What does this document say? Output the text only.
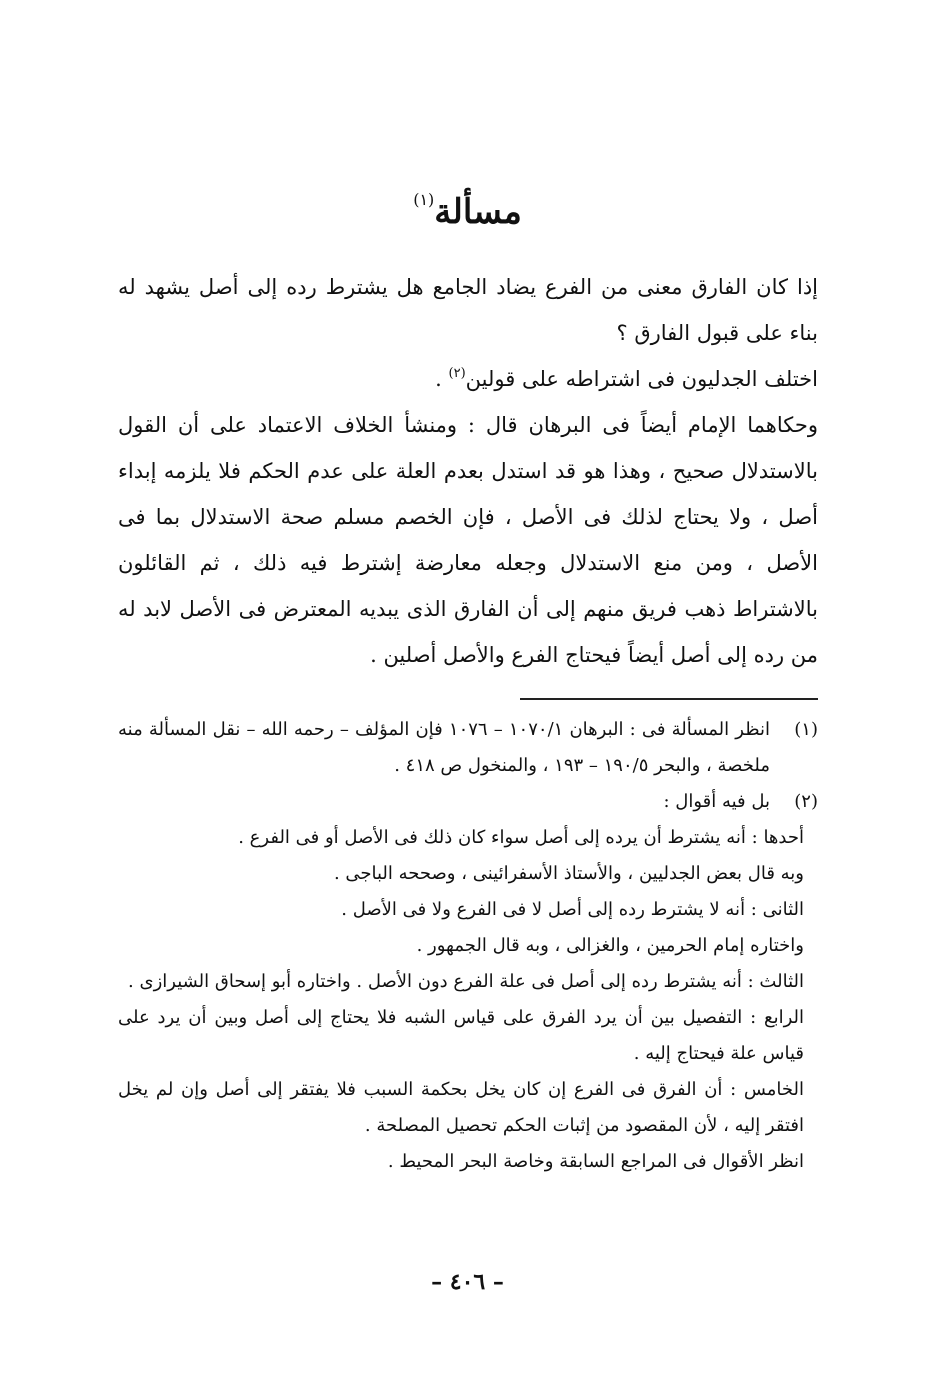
مسألة$^{(١)}$

إذا كان الفارق معنى من الفرع يضاد الجامع هل يشترط رده إلى أصل يشهد له بناء على قبول الفارق ؟

اختلف الجدليون فى اشتراطه على قولين$^{(٢)}$ .

وحكاهما الإمام أيضاً فى البرهان قال : ومنشأ الخلاف الاعتماد على أن القول بالاستدلال صحيح ، وهذا هو قد استدل بعدم العلة على عدم الحكم فلا يلزمه إبداء أصل ، ولا يحتاج لذلك فى الأصل ، فإن الخصم مسلم صحة الاستدلال بما فى الأصل ، ومن منع الاستدلال وجعله معارضة إشترط فيه ذلك ، ثم القائلون بالاشتراط ذهب فريق منهم إلى أن الفارق الذى يبديه المعترض فى الأصل لابد له من رده إلى أصل أيضاً فيحتاج الفرع والأصل أصلين .

(١)

انظر المسألة فى : البرهان ١٠٧٠/١ – ١٠٧٦ فإن المؤلف – رحمه الله – نقل المسألة منه ملخصة ، والبحر ١٩٠/٥ – ١٩٣ ، والمنخول ص ٤١٨ .

(٢)

بل فيه أقوال :

أحدها : أنه يشترط أن يرده إلى أصل سواء كان ذلك فى الأصل أو فى الفرع .

وبه قال بعض الجدليين ، والأستاذ الأسفرائينى ، وصححه الباجى .

الثانى : أنه لا يشترط رده إلى أصل لا فى الفرع ولا فى الأصل .

واختاره إمام الحرمين ، والغزالى ، وبه قال الجمهور .

الثالث : أنه يشترط رده إلى أصل فى علة الفرع دون الأصل . واختاره أبو إسحاق الشيرازى .

الرابع : التفصيل بين أن يرد الفرق على قياس الشبه فلا يحتاج إلى أصل وبين أن يرد على قياس علة فيحتاج إليه .

الخامس : أن الفرق فى الفرع إن كان يخل بحكمة السبب فلا يفتقر إلى أصل وإن لم يخل افتقر إليه ، لأن المقصود من إثبات الحكم تحصيل المصلحة .

انظر الأقوال فى المراجع السابقة وخاصة البحر المحيط .

– ٤٠٦ –
